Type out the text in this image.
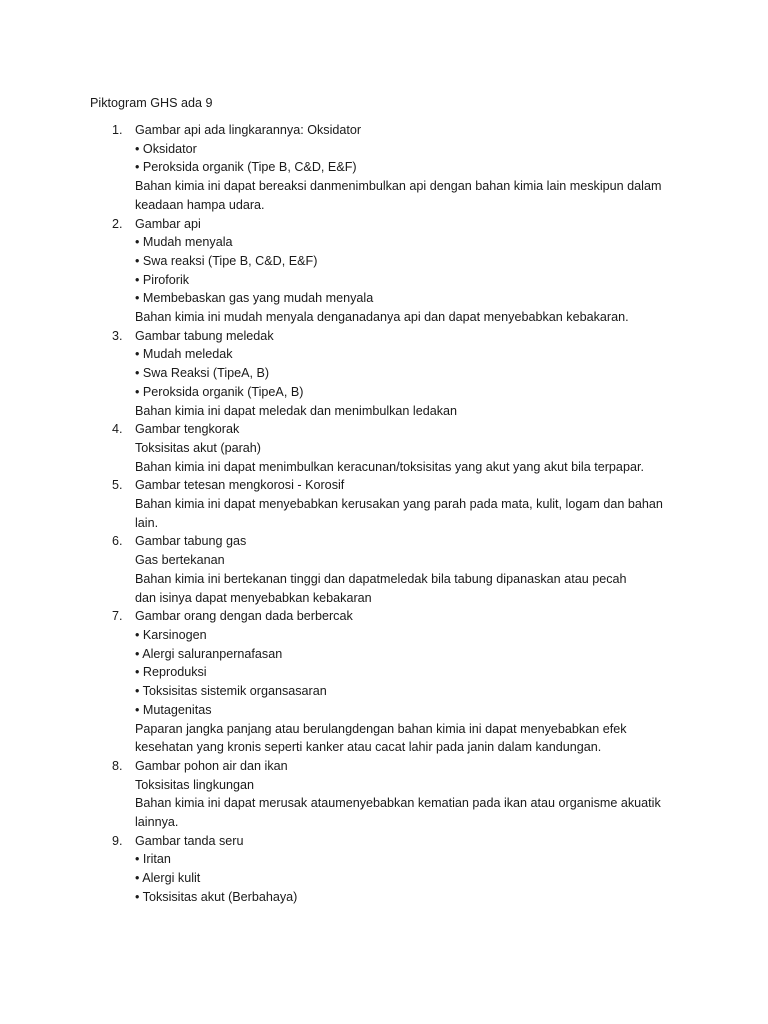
Piktogram GHS ada 9
1. Gambar api ada lingkarannya: Oksidator
• Oksidator
• Peroksida organik (Tipe B, C&D, E&F)
Bahan kimia ini dapat bereaksi danmenimbulkan api dengan bahan kimia lain meskipun dalam
keadaan hampa udara.
2. Gambar api
• Mudah menyala
• Swa reaksi (Tipe B, C&D, E&F)
• Piroforik
• Membebaskan gas yang mudah menyala
Bahan kimia ini mudah menyala denganadanya api dan dapat menyebabkan kebakaran.
3. Gambar tabung meledak
• Mudah meledak
• Swa Reaksi (TipeA, B)
• Peroksida organik (TipeA, B)
Bahan kimia ini dapat meledak dan menimbulkan ledakan
4. Gambar tengkorak
Toksisitas akut (parah)
Bahan kimia ini dapat menimbulkan keracunan/toksisitas yang akut yang akut bila terpapar.
5. Gambar tetesan mengkorosi - Korosif
Bahan kimia ini dapat menyebabkan kerusakan yang parah pada mata, kulit, logam dan bahan
lain.
6. Gambar tabung gas
Gas bertekanan
Bahan kimia ini bertekanan tinggi dan dapatmeledak bila tabung dipanaskan atau pecah
dan isinya dapat menyebabkan kebakaran
7. Gambar orang dengan dada berbercak
• Karsinogen
• Alergi saluranpernafasan
• Reproduksi
• Toksisitas sistemik organsasaran
• Mutagenitas
Paparan jangka panjang atau berulangdengan bahan kimia ini dapat menyebabkan efek
kesehatan yang kronis seperti kanker atau cacat lahir pada janin dalam kandungan.
8. Gambar pohon air dan ikan
Toksisitas lingkungan
Bahan kimia ini dapat merusak ataumenyebabkan kematian pada ikan atau organisme akuatik
lainnya.
9. Gambar tanda seru
• Iritan
• Alergi kulit
• Toksisitas akut (Berbahaya)
